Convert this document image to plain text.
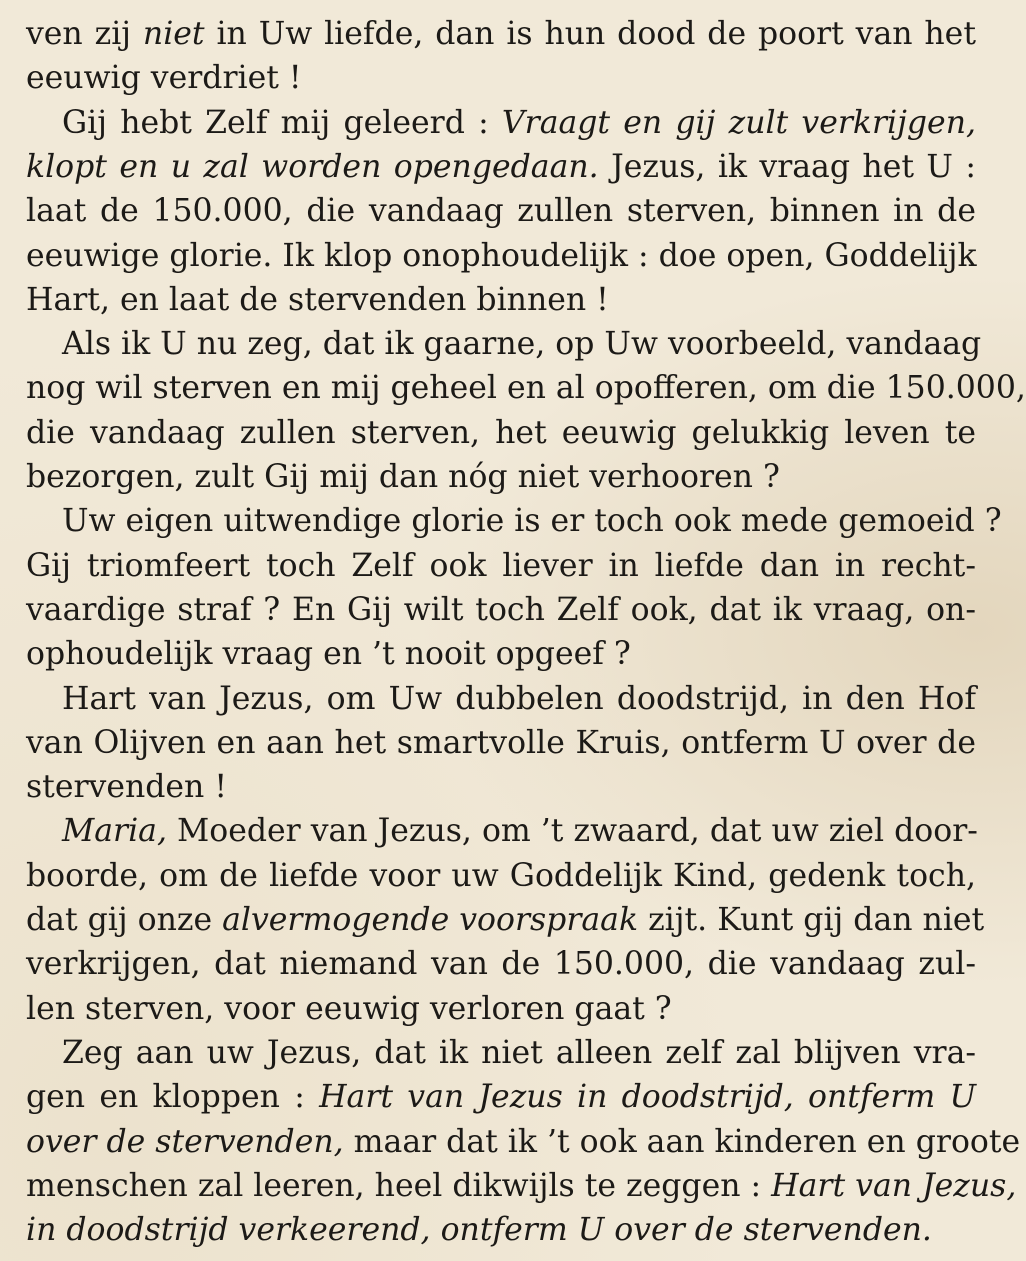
ven zij niet in Uw liefde, dan is hun dood de poort van het
eeuwig verdriet !
Gij hebt Zelf mij geleerd : Vraagt en gij zult verkrijgen,
klopt en u zal worden opengedaan. Jezus, ik vraag het U :
laat de 150.000, die vandaag zullen sterven, binnen in de
eeuwige glorie. Ik klop onophoudelijk : doe open, Goddelijk
Hart, en laat de stervenden binnen !
Als ik U nu zeg, dat ik gaarne, op Uw voorbeeld, vandaag
nog wil sterven en mij geheel en al opofferen, om die 150.000,
die vandaag zullen sterven, het eeuwig gelukkig leven te
bezorgen, zult Gij mij dan nóg niet verhooren ?
Uw eigen uitwendige glorie is er toch ook mede gemoeid ?
Gij triomfeert toch Zelf ook liever in liefde dan in recht-
vaardige straf ? En Gij wilt toch Zelf ook, dat ik vraag, on-
ophoudelijk vraag en ’t nooit opgeef ?
Hart van Jezus, om Uw dubbelen doodstrijd, in den Hof
van Olijven en aan het smartvolle Kruis, ontferm U over de
stervenden !
Maria, Moeder van Jezus, om ’t zwaard, dat uw ziel door-
boorde, om de liefde voor uw Goddelijk Kind, gedenk toch,
dat gij onze alvermogende voorspraak zijt. Kunt gij dan niet
verkrijgen, dat niemand van de 150.000, die vandaag zul-
len sterven, voor eeuwig verloren gaat ?
Zeg aan uw Jezus, dat ik niet alleen zelf zal blijven vra-
gen en kloppen : Hart van Jezus in doodstrijd, ontferm U
over de stervenden, maar dat ik ’t ook aan kinderen en groote
menschen zal leeren, heel dikwijls te zeggen : Hart van Jezus,
in doodstrijd verkeerend, ontferm U over de stervenden.
